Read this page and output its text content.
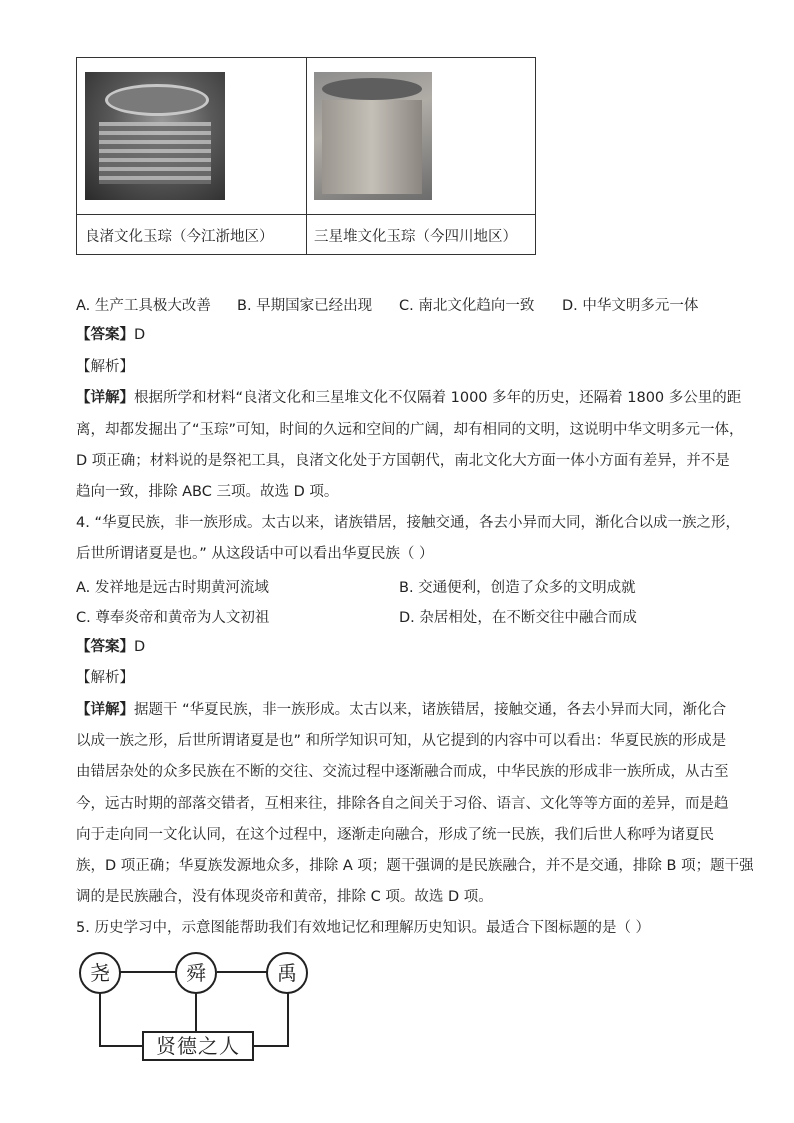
良渚文化玉琮（今江浙地区）	三星堆文化玉琮（今四川地区）
A. 生产工具极大改善 B. 早期国家已经出现 C. 南北文化趋向一致 D. 中华文明多元一体
【答案】D
【解析】
【详解】根据所学和材料“良渚文化和三星堆文化不仅隔着 1000 多年的历史，还隔着 1800 多公里的距
离，却都发掘出了“玉琮”可知，时间的久远和空间的广阔，却有相同的文明，这说明中华文明多元一体，
D 项正确；材料说的是祭祀工具，良渚文化处于方国朝代，南北文化大方面一体小方面有差异，并不是
趋向一致，排除 ABC 三项。故选 D 项。
4. “华夏民族，非一族形成。太古以来，诸族错居，接触交通，各去小异而大同，渐化合以成一族之形，
后世所谓诸夏是也。” 从这段话中可以看出华夏民族（ ）
A. 发祥地是远古时期黄河流域	B. 交通便利，创造了众多的文明成就
C. 尊奉炎帝和黄帝为人文初祖	D. 杂居相处，在不断交往中融合而成
【答案】D
【解析】
【详解】据题干 “华夏民族，非一族形成。太古以来，诸族错居，接触交通，各去小异而大同，渐化合
以成一族之形，后世所谓诸夏是也” 和所学知识可知，从它提到的内容中可以看出：华夏民族的形成是
由错居杂处的众多民族在不断的交往、交流过程中逐渐融合而成，中华民族的形成非一族所成，从古至
今，远古时期的部落交错者，互相来往，排除各自之间关于习俗、语言、文化等等方面的差异，而是趋
向于走向同一文化认同，在这个过程中，逐渐走向融合，形成了统一民族，我们后世人称呼为诸夏民
族，D 项正确；华夏族发源地众多，排除 A 项；题干强调的是民族融合，并不是交通，排除 B 项；题干强
调的是民族融合，没有体现炎帝和黄帝，排除 C 项。故选 D 项。
5. 历史学习中，示意图能帮助我们有效地记忆和理解历史知识。最适合下图标题的是（ ）
尧	舜	禹
贤德之人
